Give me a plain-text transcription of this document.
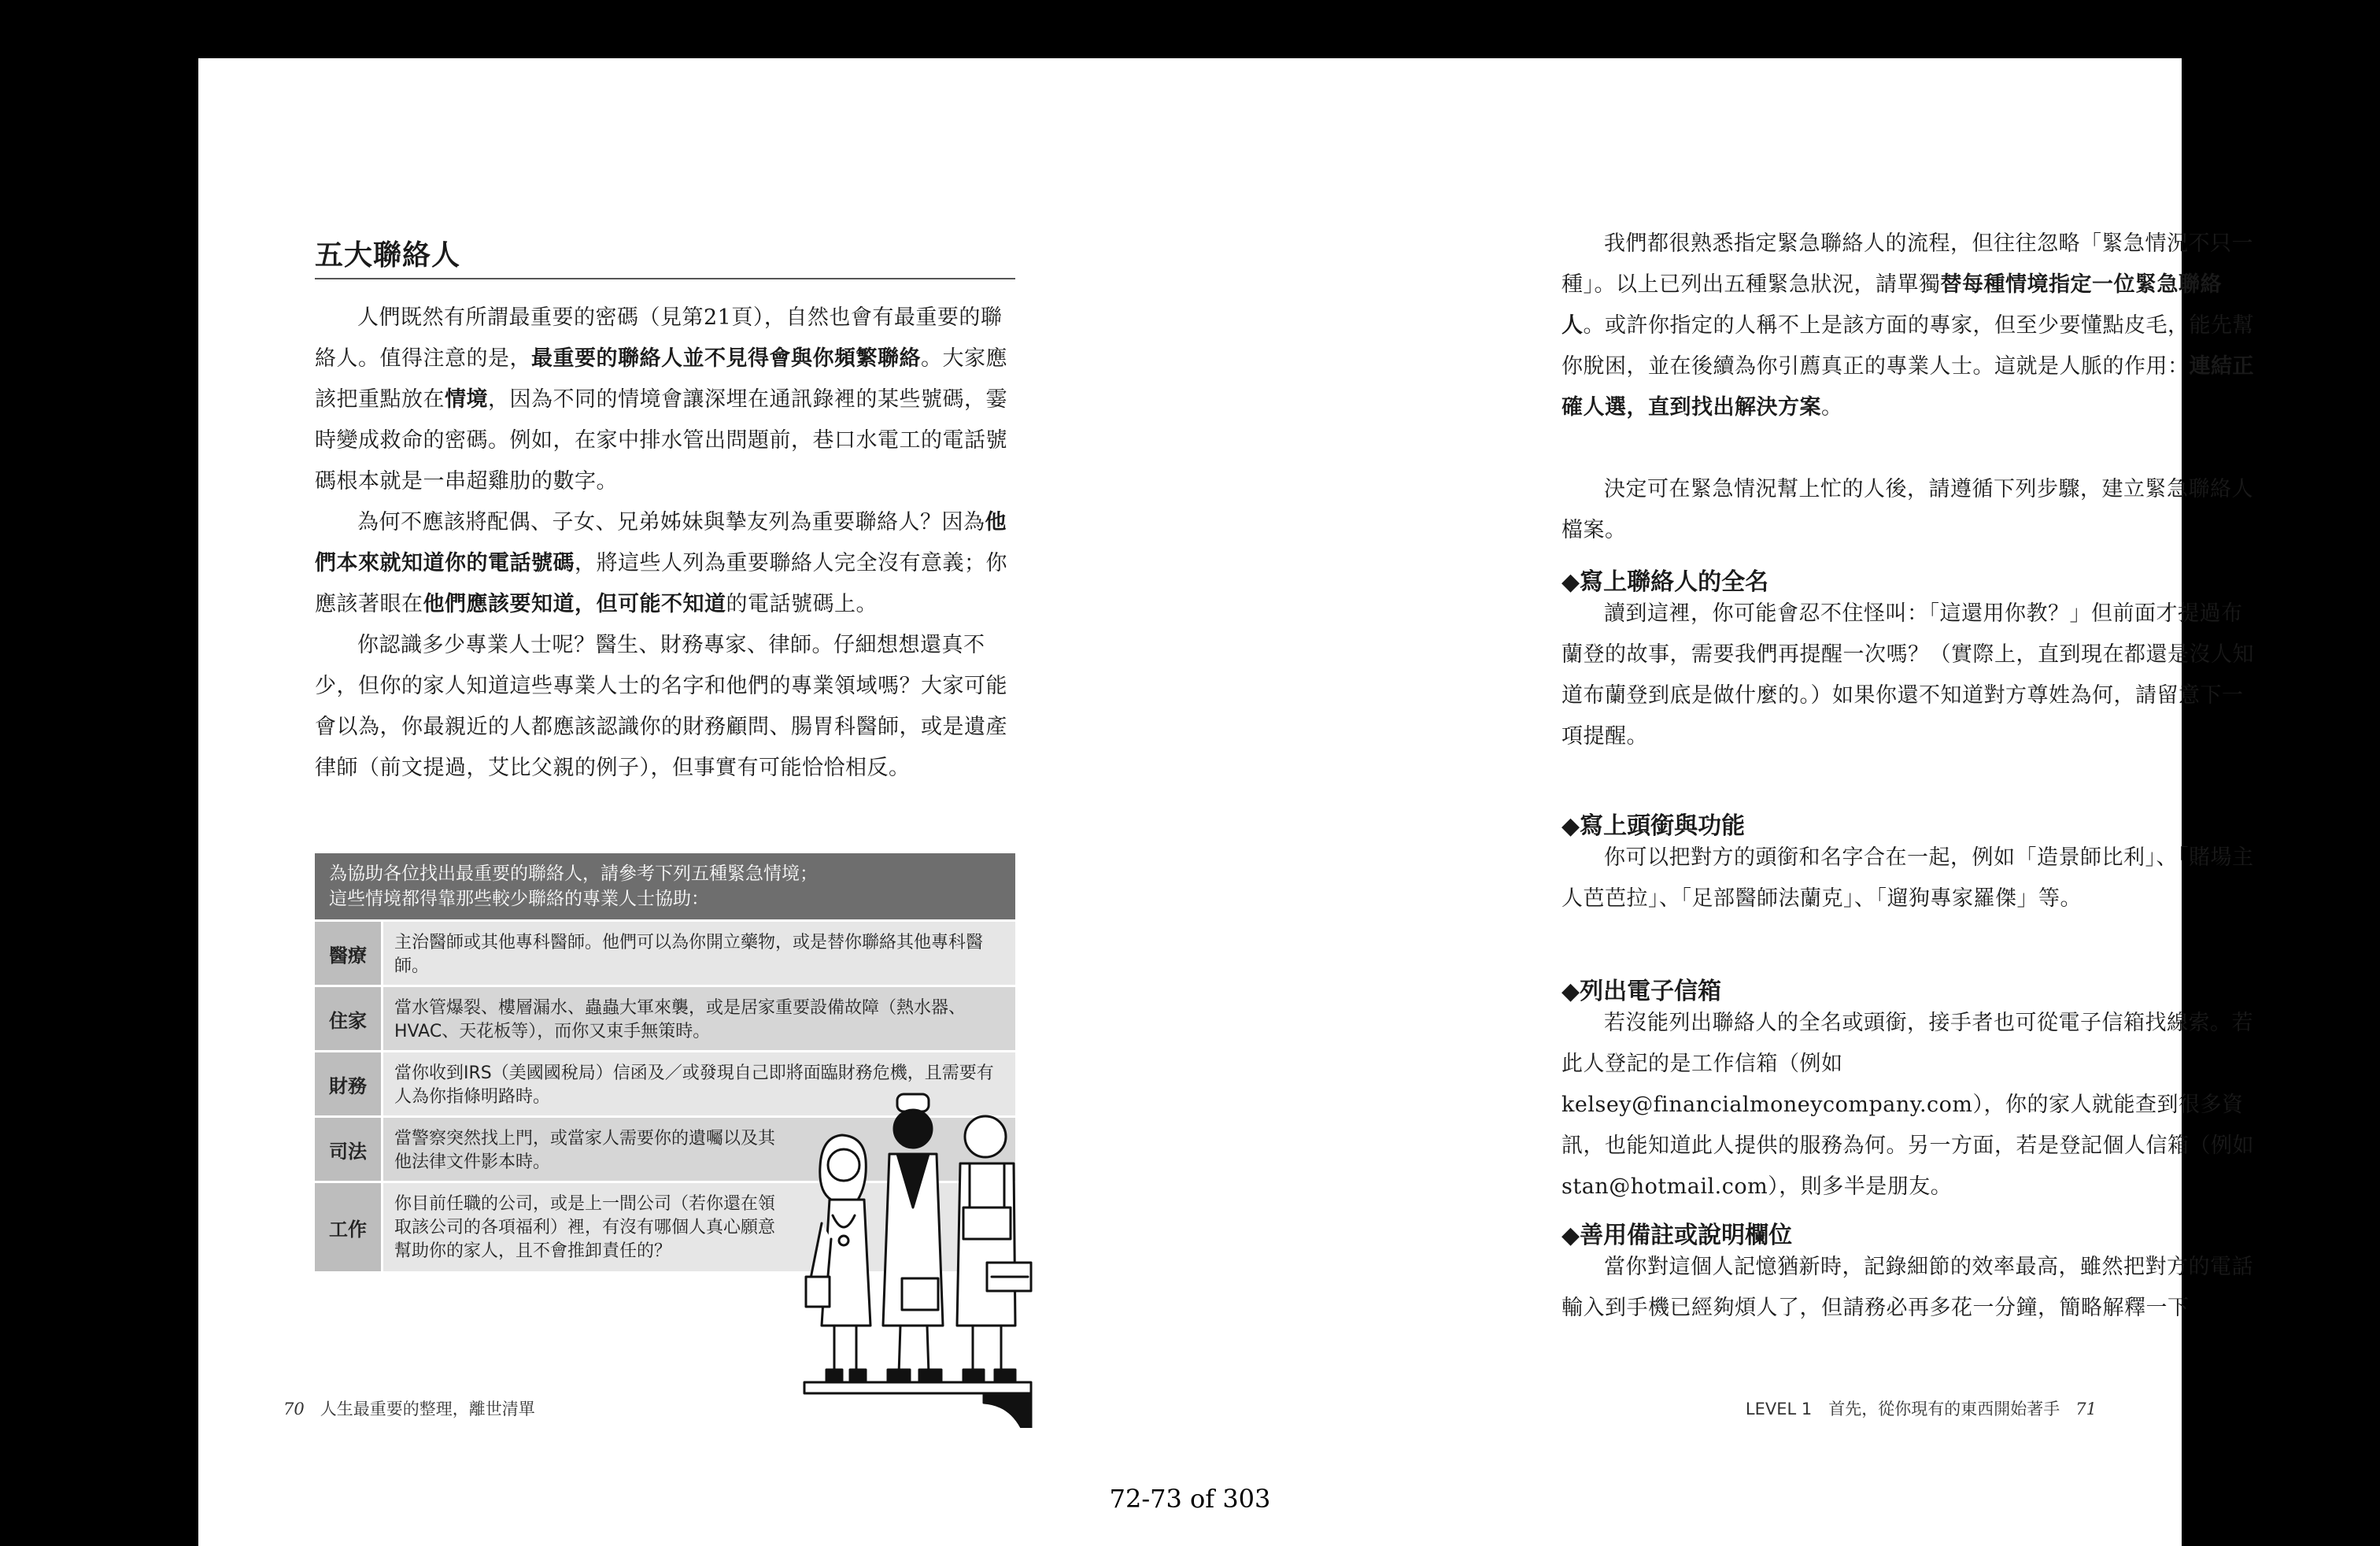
五大聯絡人

人們既然有所謂最重要的密碼（見第21頁），自然也會有最重要的聯絡人。值得注意的是，最重要的聯絡人並不見得會與你頻繁聯絡。大家應該把重點放在情境，因為不同的情境會讓深埋在通訊錄裡的某些號碼，霎時變成救命的密碼。例如，在家中排水管出問題前，巷口水電工的電話號碼根本就是一串超雞肋的數字。

為何不應該將配偶、子女、兄弟姊妹與摯友列為重要聯絡人？因為他們本來就知道你的電話號碼，將這些人列為重要聯絡人完全沒有意義；你應該著眼在他們應該要知道，但可能不知道的電話號碼上。

你認識多少專業人士呢？醫生、財務專家、律師。仔細想想還真不少，但你的家人知道這些專業人士的名字和他們的專業領域嗎？大家可能會以為，你最親近的人都應該認識你的財務顧問、腸胃科醫師，或是遺產律師（前文提過，艾比父親的例子），但事實有可能恰恰相反。

為協助各位找出最重要的聯絡人，請參考下列五種緊急情境；
這些情境都得靠那些較少聯絡的專業人士協助：
醫療
主治醫師或其他專科醫師。他們可以為你開立藥物，或是替你聯絡其他專科醫師。
住家
當水管爆裂、樓層漏水、蟲蟲大軍來襲，或是居家重要設備故障（熱水器、HVAC、天花板等），而你又束手無策時。
財務
當你收到IRS（美國國稅局）信函及／或發現自己即將面臨財務危機，且需要有人為你指條明路時。
司法
當警察突然找上門，或當家人需要你的遺囑以及其他法律文件影本時。
工作
你目前任職的公司，或是上一間公司（若你還在領取該公司的各項福利）裡，有沒有哪個人真心願意幫助你的家人，且不會推卸責任的？
70 人生最重要的整理，離世清單

我們都很熟悉指定緊急聯絡人的流程，但往往忽略「緊急情況不只一種」。以上已列出五種緊急狀況，請單獨替每種情境指定一位緊急聯絡人。或許你指定的人稱不上是該方面的專家，但至少要懂點皮毛，能先幫你脫困，並在後續為你引薦真正的專業人士。這就是人脈的作用：連結正確人選，直到找出解決方案。

決定可在緊急情況幫上忙的人後，請遵循下列步驟，建立緊急聯絡人檔案。

◆寫上聯絡人的全名

讀到這裡，你可能會忍不住怪叫：「這還用你教？」但前面才提過布蘭登的故事，需要我們再提醒一次嗎？（實際上，直到現在都還是沒人知道布蘭登到底是做什麼的。）如果你還不知道對方尊姓為何，請留意下一項提醒。

◆寫上頭銜與功能

你可以把對方的頭銜和名字合在一起，例如「造景師比利」、「賭場主人芭芭拉」、「足部醫師法蘭克」、「遛狗專家羅傑」等。

◆列出電子信箱

若沒能列出聯絡人的全名或頭銜，接手者也可從電子信箱找線索。若此人登記的是工作信箱（例如kelsey@financialmoneycompany.com），你的家人就能查到很多資訊，也能知道此人提供的服務為何。另一方面，若是登記個人信箱（例如stan@hotmail.com），則多半是朋友。

◆善用備註或說明欄位

當你對這個人記憶猶新時，記錄細節的效率最高，雖然把對方的電話輸入到手機已經夠煩人了，但請務必再多花一分鐘，簡略解釋一下

LEVEL 1　首先，從你現有的東西開始著手 71
72-73 of 303
